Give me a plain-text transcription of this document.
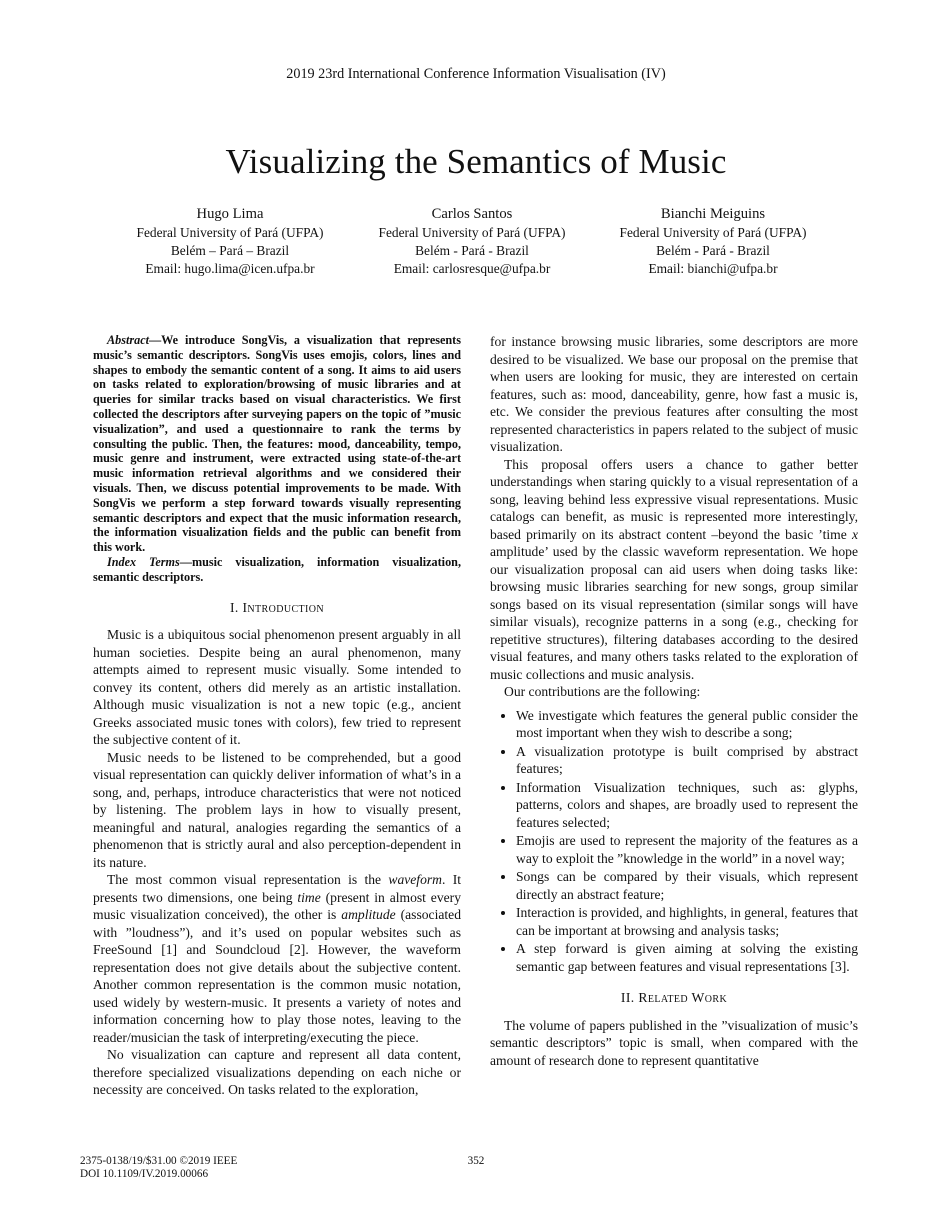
2019 23rd International Conference Information Visualisation (IV)
Visualizing the Semantics of Music
Hugo Lima
Federal University of Pará (UFPA)
Belém – Pará – Brazil
Email: hugo.lima@icen.ufpa.br
Carlos Santos
Federal University of Pará (UFPA)
Belém - Pará - Brazil
Email: carlosresque@ufpa.br
Bianchi Meiguins
Federal University of Pará (UFPA)
Belém - Pará - Brazil
Email: bianchi@ufpa.br

Abstract—We introduce SongVis, a visualization that represents music’s semantic descriptors. SongVis uses emojis, colors, lines and shapes to embody the semantic content of a song. It aims to aid users on tasks related to exploration/browsing of music libraries and at queries for similar tracks based on visual characteristics. We first collected the descriptors after surveying papers on the topic of ”music visualization”, and used a questionnaire to rank the terms by consulting the public. Then, the features: mood, danceability, tempo, music genre and instrument, were extracted using state-of-the-art music information retrieval algorithms and we considered their visuals. Then, we discuss potential improvements to be made. With SongVis we perform a step forward towards visually representing semantic descriptors and expect that the music information research, the information visualization fields and the public can benefit from this work.

Index Terms—music visualization, information visualization, semantic descriptors.

I. Introduction

Music is a ubiquitous social phenomenon present arguably in all human societies. Despite being an aural phenomenon, many attempts aimed to represent music visually. Some intended to convey its content, others did merely as an artistic installation. Although music visualization is not a new topic (e.g., ancient Greeks associated music tones with colors), few tried to represent the subjective content of it.

Music needs to be listened to be comprehended, but a good visual representation can quickly deliver information of what’s in a song, and, perhaps, introduce characteristics that were not noticed by listening. The problem lays in how to visually present, meaningful and natural, analogies regarding the semantics of a phenomenon that is strictly aural and also perception-dependent in its nature.

The most common visual representation is the waveform. It presents two dimensions, one being time (present in almost every music visualization conceived), the other is amplitude (associated with ”loudness”), and it’s used on popular websites such as FreeSound [1] and Soundcloud [2]. However, the waveform representation does not give details about the subjective content. Another common representation is the common music notation, used widely by western-music. It presents a variety of notes and information concerning how to play those notes, leaving to the reader/musician the task of interpreting/executing the piece.

No visualization can capture and represent all data content, therefore specialized visualizations depending on each niche or necessity are conceived. On tasks related to the exploration,

for instance browsing music libraries, some descriptors are more desired to be visualized. We base our proposal on the premise that when users are looking for music, they are interested on certain features, such as: mood, danceability, genre, how fast a music is, etc. We consider the previous features after consulting the most represented characteristics in papers related to the subject of music visualization.

This proposal offers users a chance to gather better understandings when staring quickly to a visual representation of a song, leaving behind less expressive visual representations. Music catalogs can benefit, as music is represented more interestingly, based primarily on its abstract content –beyond the basic ’time x amplitude’ used by the classic waveform representation. We hope our visualization proposal can aid users when doing tasks like: browsing music libraries searching for new songs, group similar songs based on its visual representation (similar songs will have similar visuals), recognize patterns in a song (e.g., checking for repetitive structures), filtering databases according to the desired visual features, and many others tasks related to the exploration of music collections and music analysis.

Our contributions are the following:

• We investigate which features the general public consider the most important when they wish to describe a song;
• A visualization prototype is built comprised by abstract features;
• Information Visualization techniques, such as: glyphs, patterns, colors and shapes, are broadly used to represent the features selected;
• Emojis are used to represent the majority of the features as a way to exploit the ”knowledge in the world” in a novel way;
• Songs can be compared by their visuals, which represent directly an abstract feature;
• Interaction is provided, and highlights, in general, features that can be important at browsing and analysis tasks;
• A step forward is given aiming at solving the existing semantic gap between features and visual representations [3].
II. Related Work

The volume of papers published in the ”visualization of music’s semantic descriptors” topic is small, when compared with the amount of research done to represent quantitative

2375-0138/19/$31.00 ©2019 IEEE
DOI 10.1109/IV.2019.00066
352
